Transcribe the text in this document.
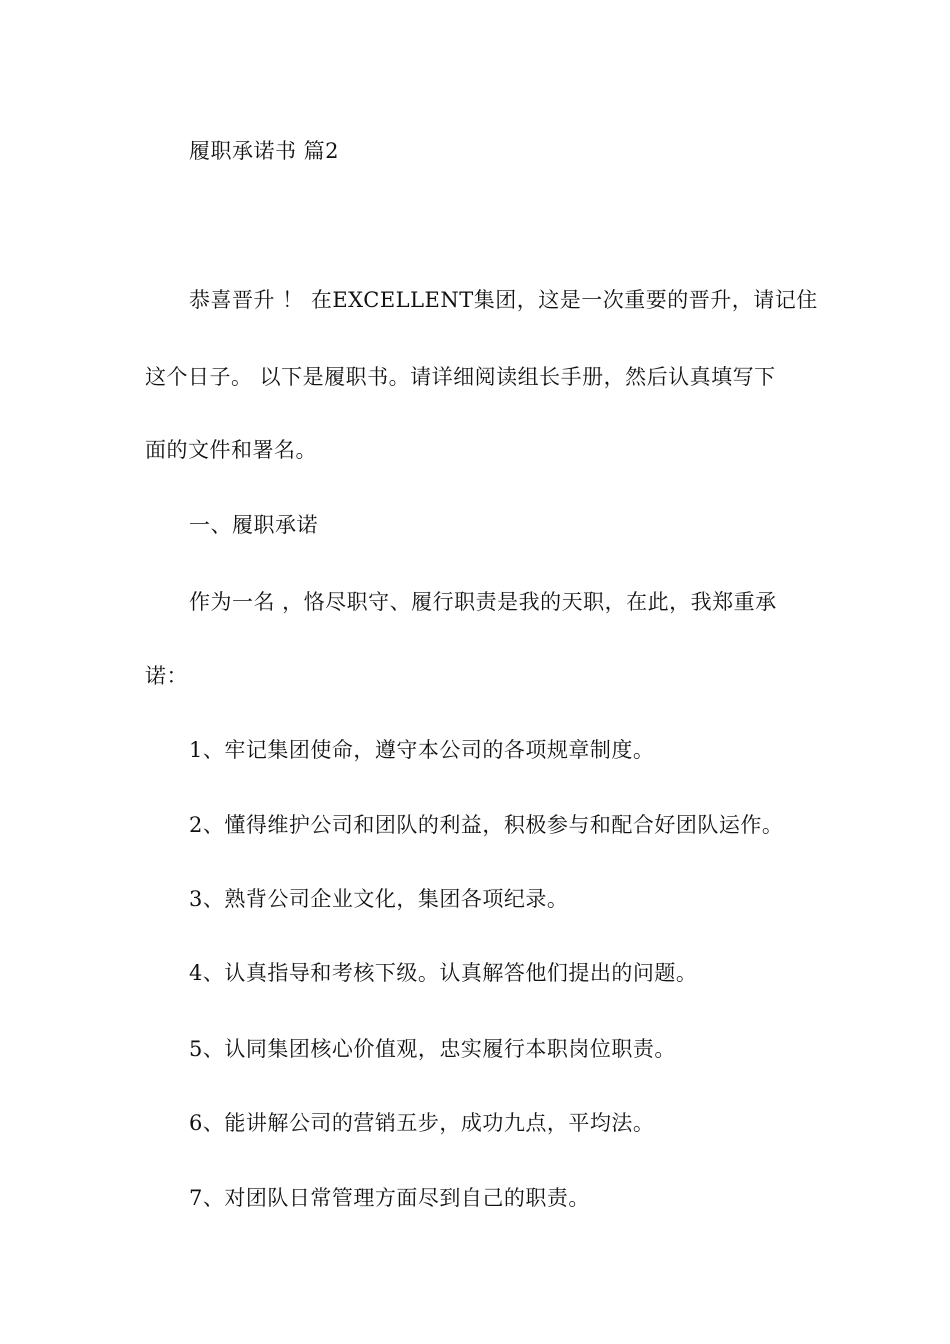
履职承诺书 篇2
恭喜晋升 ！ 在EXCELLENT集团，这是一次重要的晋升，请记住
这个日子。 以下是履职书。请详细阅读组长手册，然后认真填写下
面的文件和署名。
一、履职承诺
作为一名 ，恪尽职守、履行职责是我的天职，在此，我郑重承
诺：
1、牢记集团使命，遵守本公司的各项规章制度。
2、懂得维护公司和团队的利益，积极参与和配合好团队运作。
3、熟背公司企业文化，集团各项纪录。
4、认真指导和考核下级。认真解答他们提出的问题。
5、认同集团核心价值观，忠实履行本职岗位职责。
6、能讲解公司的营销五步，成功九点，平均法。
7、对团队日常管理方面尽到自己的职责。
